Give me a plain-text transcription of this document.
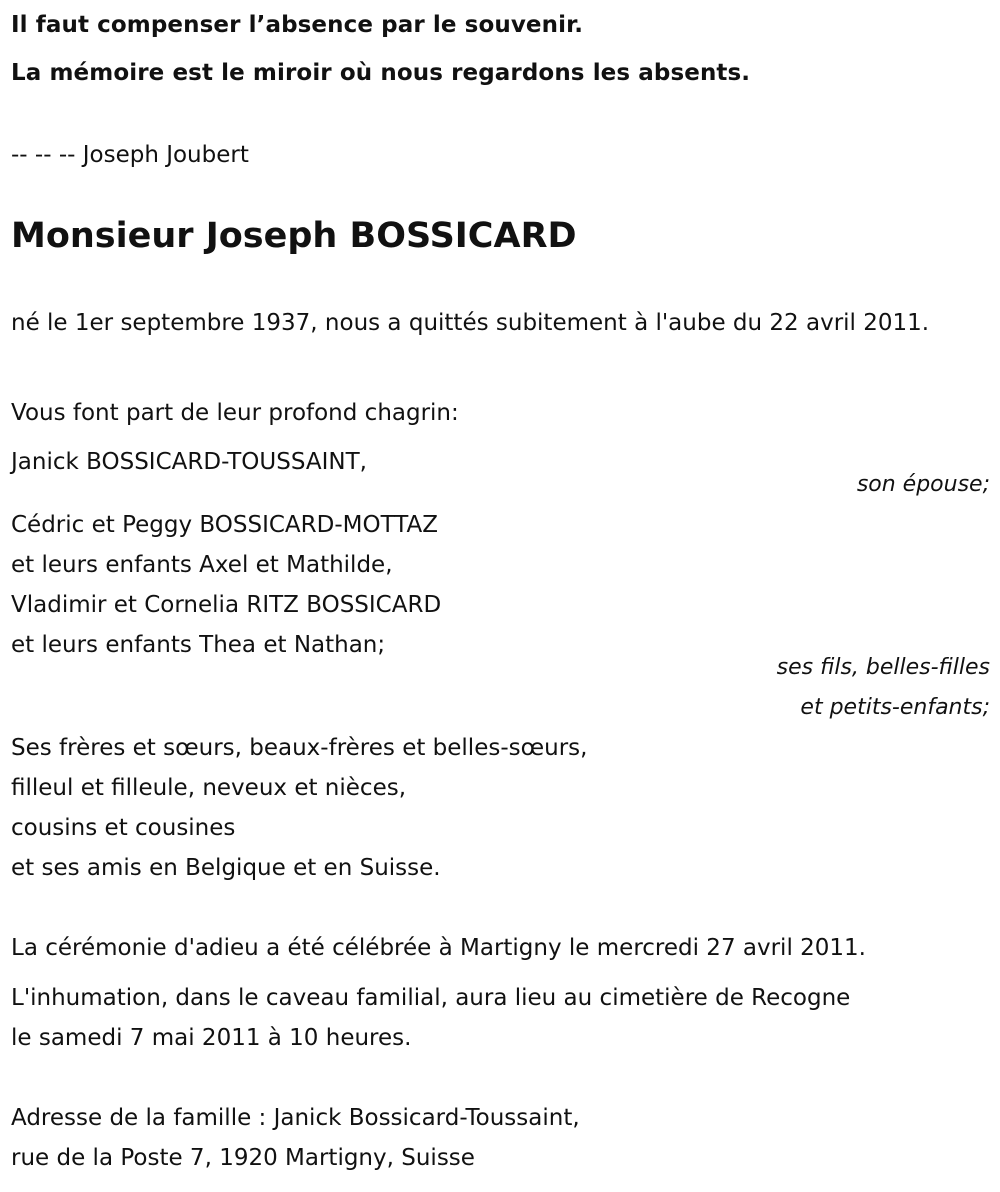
Il faut compenser l’absence par le souvenir.
La mémoire est le miroir où nous regardons les absents.
-- -- -- Joseph Joubert
Monsieur Joseph BOSSICARD
né le 1er septembre 1937, nous a quittés subitement à l'aube du 22 avril 2011.
Vous font part de leur profond chagrin:
Janick BOSSICARD-TOUSSAINT,
son épouse;
Cédric et Peggy BOSSICARD-MOTTAZ
et leurs enfants Axel et Mathilde,
Vladimir et Cornelia RITZ BOSSICARD
et leurs enfants Thea et Nathan;
ses fils, belles-filles
et petits-enfants;
Ses frères et sœurs, beaux-frères et belles-sœurs,
filleul et filleule, neveux et nièces,
cousins et cousines
et ses amis en Belgique et en Suisse.
La cérémonie d'adieu a été célébrée à Martigny le mercredi 27 avril 2011.
L'inhumation, dans le caveau familial, aura lieu au cimetière de Recogne
le samedi 7 mai 2011 à 10 heures.
Adresse de la famille : Janick Bossicard-Toussaint,
rue de la Poste 7, 1920 Martigny, Suisse
